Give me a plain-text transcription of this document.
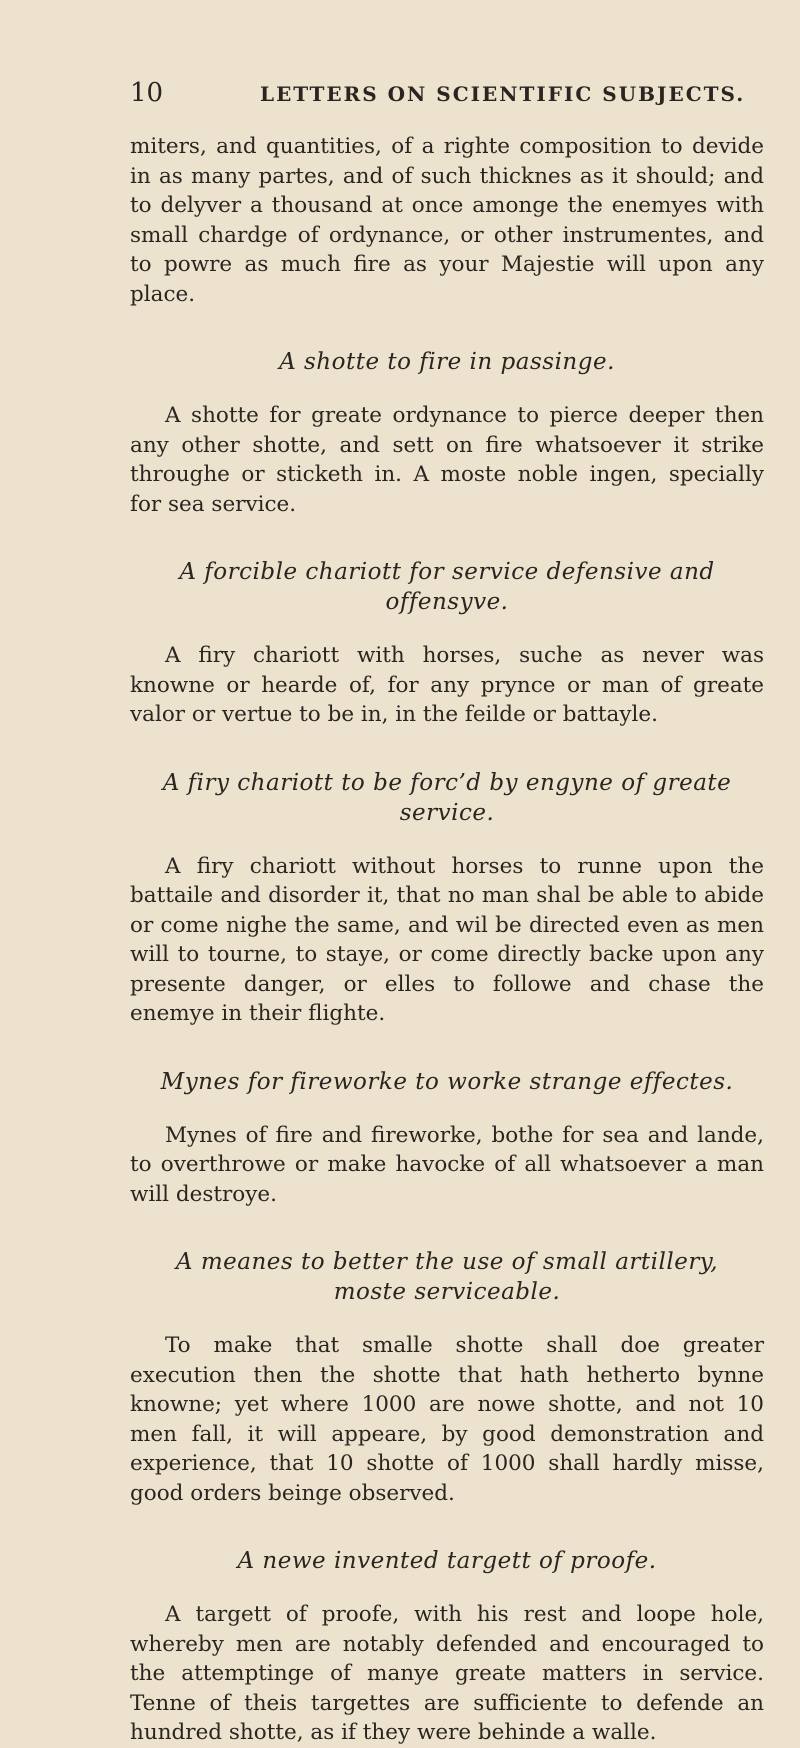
10	LETTERS ON SCIENTIFIC SUBJECTS.

miters, and quantities, of a righte composition to devide in as many partes, and of such thicknes as it should; and to delyver a thousand at once amonge the enemyes with small chardge of ordynance, or other instrumentes, and to powre as much fire as your Majestie will upon any place.

A shotte to fire in passinge.

A shotte for greate ordynance to pierce deeper then any other shotte, and sett on fire whatsoever it strike throughe or sticketh in. A moste noble ingen, specially for sea service.

A forcible chariott for service defensive and offensyve.

A firy chariott with horses, suche as never was knowne or hearde of, for any prynce or man of greate valor or vertue to be in, in the feilde or battayle.

A firy chariott to be forc’d by engyne of greate service.

A firy chariott without horses to runne upon the battaile and disorder it, that no man shal be able to abide or come nighe the same, and wil be directed even as men will to tourne, to staye, or come directly backe upon any presente danger, or elles to followe and chase the enemye in their flighte.

Mynes for fireworke to worke strange effectes.

Mynes of fire and fireworke, bothe for sea and lande, to overthrowe or make havocke of all whatsoever a man will destroye.

A meanes to better the use of small artillery, moste serviceable.

To make that smalle shotte shall doe greater execution then the shotte that hath hetherto bynne knowne; yet where 1000 are nowe shotte, and not 10 men fall, it will appeare, by good demonstration and experience, that 10 shotte of 1000 shall hardly misse, good orders beinge observed.

A newe invented targett of proofe.

A targett of proofe, with his rest and loope hole, whereby men are notably defended and encouraged to the attemptinge of manye greate matters in service. Tenne of theis targettes are sufficiente to defende an hundred shotte, as if they were behinde a walle.
